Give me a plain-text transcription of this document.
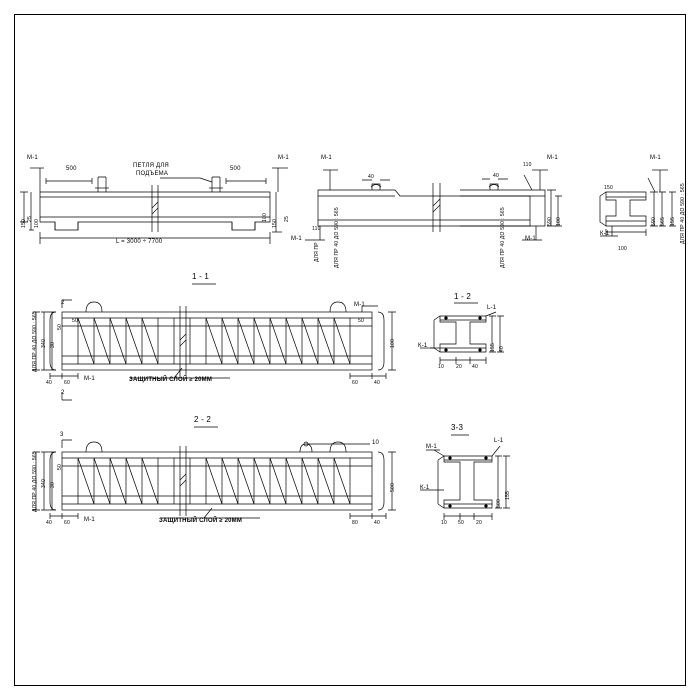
М-1
500	ПЕТЛЯ ДЛЯ
ПОДЪЕМА
500
М-1
L = 3000 ÷ 7700
25
150 100
100
150
25
М-1	М-1
М-1	М-1
40	40
110
110
ДЛЯ ПР
590 100
ДЛЯ ПР 40 ДО 590 : 565	ДЛЯ ПР 40 ДО 590 : 565
М-1
К-1
590 565 155 ДЛЯ ПР 40 ДО 590 : 565
100
150
1 - 1
2
2
М-1
М-1	ЗАЩИТНЫЙ СЛОЙ ≥ 20ММ
ДЛЯ ПР 40 ДО 590 : 565 340 30
50
40 60	60	40
100
50
50
1 - 2
L-1
К-1	155 40
10 20 40
2 - 2
3
10
М-1	ЗАЩИТНЫЙ СЛОЙ ≥ 20ММ
ДЛЯ ПР 40 ДО 590 : 565 340 30
50
40 60	80	40
500
3-3
М-1
К-1
L-1
500
155
10 50 20
